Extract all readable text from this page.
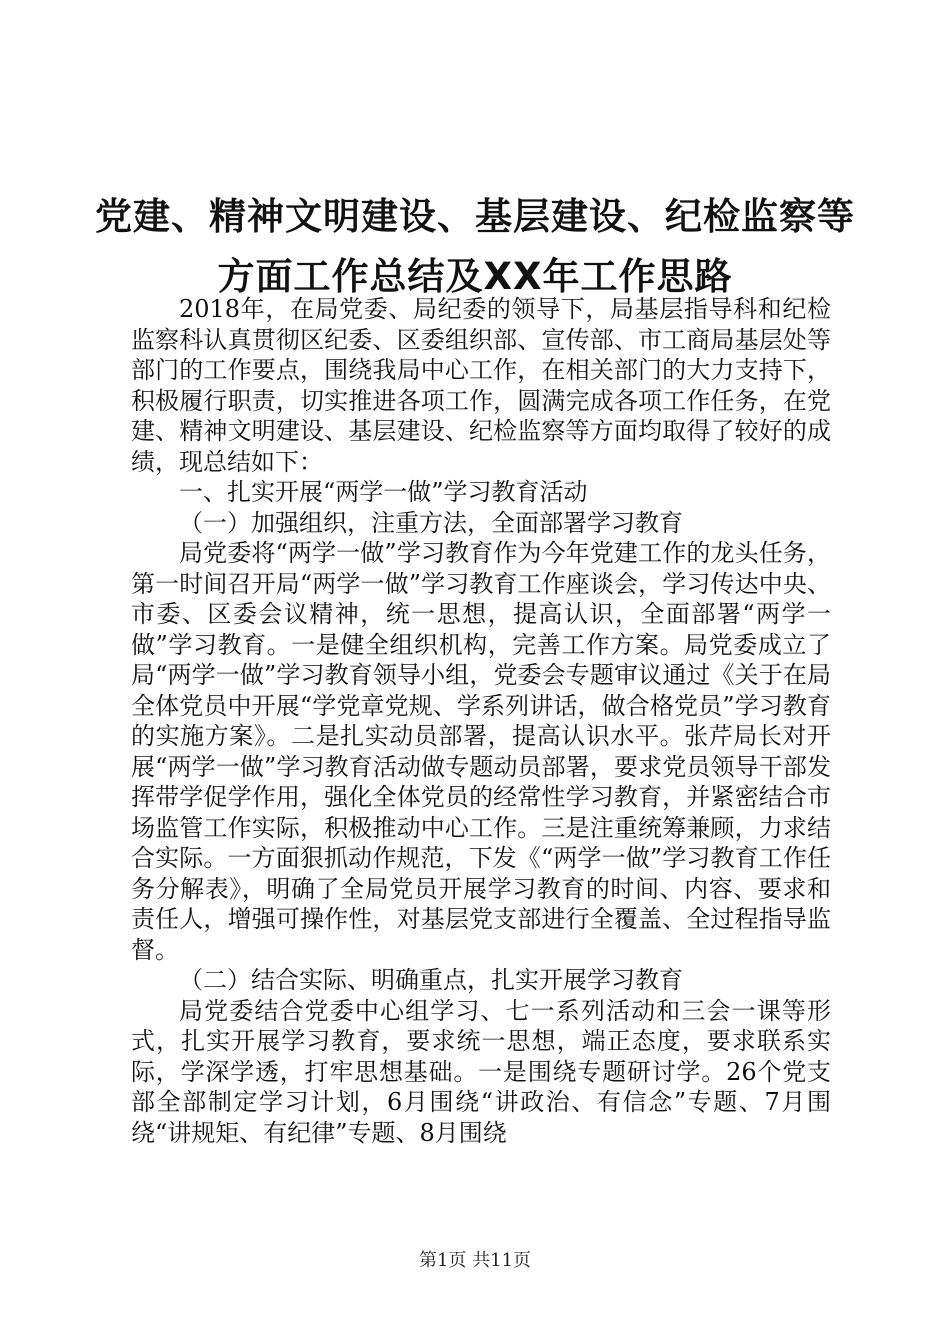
党建、精神文明建设、基层建设、纪检监察等
方面工作总结及XX年工作思路

2018年，在局党委、局纪委的领导下，局基层指导科和纪检监察科认真贯彻区纪委、区委组织部、宣传部、市工商局基层处等部门的工作要点，围绕我局中心工作，在相关部门的大力支持下，积极履行职责，切实推进各项工作，圆满完成各项工作任务，在党建、精神文明建设、基层建设、纪检监察等方面均取得了较好的成绩，现总结如下：

一、扎实开展“两学一做”学习教育活动

（一）加强组织，注重方法，全面部署学习教育

局党委将“两学一做”学习教育作为今年党建工作的龙头任务，第一时间召开局“两学一做”学习教育工作座谈会，学习传达中央、市委、区委会议精神，统一思想，提高认识，全面部署“两学一做”学习教育。一是健全组织机构，完善工作方案。局党委成立了局“两学一做”学习教育领导小组，党委会专题审议通过《关于在局全体党员中开展“学党章党规、学系列讲话，做合格党员”学习教育的实施方案》。二是扎实动员部署，提高认识水平。张芹局长对开展“两学一做”学习教育活动做专题动员部署，要求党员领导干部发挥带学促学作用，强化全体党员的经常性学习教育，并紧密结合市场监管工作实际，积极推动中心工作。三是注重统筹兼顾，力求结合实际。一方面狠抓动作规范，下发《“两学一做”学习教育工作任务分解表》，明确了全局党员开展学习教育的时间、内容、要求和责任人，增强可操作性，对基层党支部进行全覆盖、全过程指导监督。

（二）结合实际、明确重点，扎实开展学习教育

局党委结合党委中心组学习、七一系列活动和三会一课等形式，扎实开展学习教育，要求统一思想，端正态度，要求联系实际，学深学透，打牢思想基础。一是围绕专题研讨学。26个党支部全部制定学习计划，6月围绕“讲政治、有信念”专题、7月围绕“讲规矩、有纪律”专题、8月围绕

第1页 共11页
